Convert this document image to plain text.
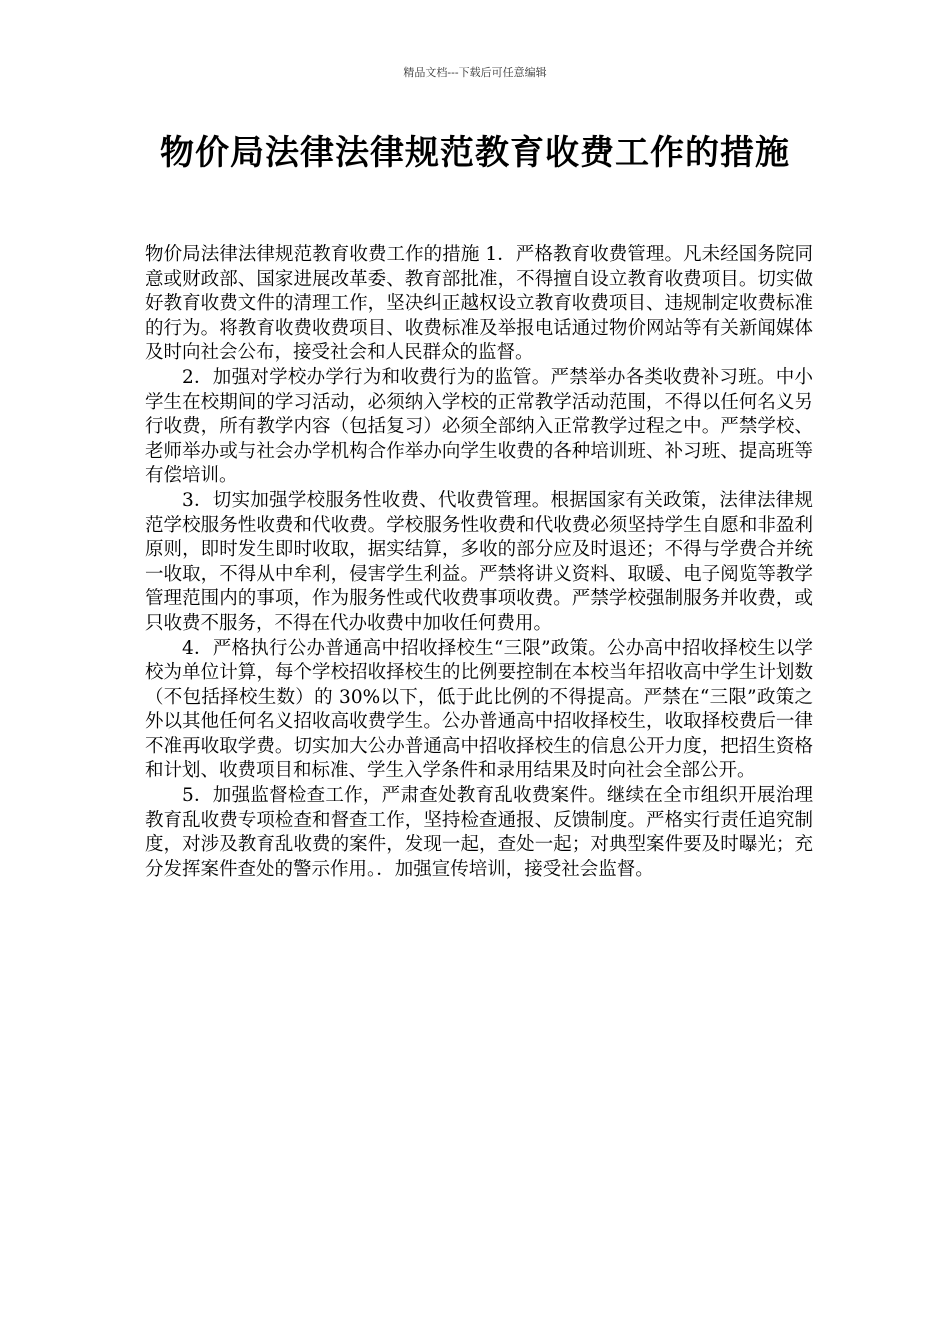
精品文档---下载后可任意编辑
物价局法律法律规范教育收费工作的措施

物价局法律法律规范教育收费工作的措施 1．严格教育收费管理。凡未经国务院同意或财政部、国家进展改革委、教育部批准，不得擅自设立教育收费项目。切实做好教育收费文件的清理工作，坚决纠正越权设立教育收费项目、违规制定收费标准的行为。将教育收费收费项目、收费标准及举报电话通过物价网站等有关新闻媒体及时向社会公布，接受社会和人民群众的监督。

2．加强对学校办学行为和收费行为的监管。严禁举办各类收费补习班。中小学生在校期间的学习活动，必须纳入学校的正常教学活动范围，不得以任何名义另行收费，所有教学内容（包括复习）必须全部纳入正常教学过程之中。严禁学校、老师举办或与社会办学机构合作举办向学生收费的各种培训班、补习班、提高班等有偿培训。

3．切实加强学校服务性收费、代收费管理。根据国家有关政策，法律法律规范学校服务性收费和代收费。学校服务性收费和代收费必须坚持学生自愿和非盈利原则，即时发生即时收取，据实结算，多收的部分应及时退还；不得与学费合并统一收取，不得从中牟利，侵害学生利益。严禁将讲义资料、取暖、电子阅览等教学管理范围内的事项，作为服务性或代收费事项收费。严禁学校强制服务并收费，或只收费不服务，不得在代办收费中加收任何费用。

4．严格执行公办普通高中招收择校生“三限”政策。公办高中招收择校生以学校为单位计算，每个学校招收择校生的比例要控制在本校当年招收高中学生计划数（不包括择校生数）的 30%以下，低于此比例的不得提高。严禁在“三限”政策之外以其他任何名义招收高收费学生。公办普通高中招收择校生，收取择校费后一律不准再收取学费。切实加大公办普通高中招收择校生的信息公开力度，把招生资格和计划、收费项目和标准、学生入学条件和录用结果及时向社会全部公开。

5．加强监督检查工作，严肃查处教育乱收费案件。继续在全市组织开展治理教育乱收费专项检查和督查工作，坚持检查通报、反馈制度。严格实行责任追究制度，对涉及教育乱收费的案件，发现一起，查处一起；对典型案件要及时曝光；充分发挥案件查处的警示作用。．加强宣传培训，接受社会监督。
